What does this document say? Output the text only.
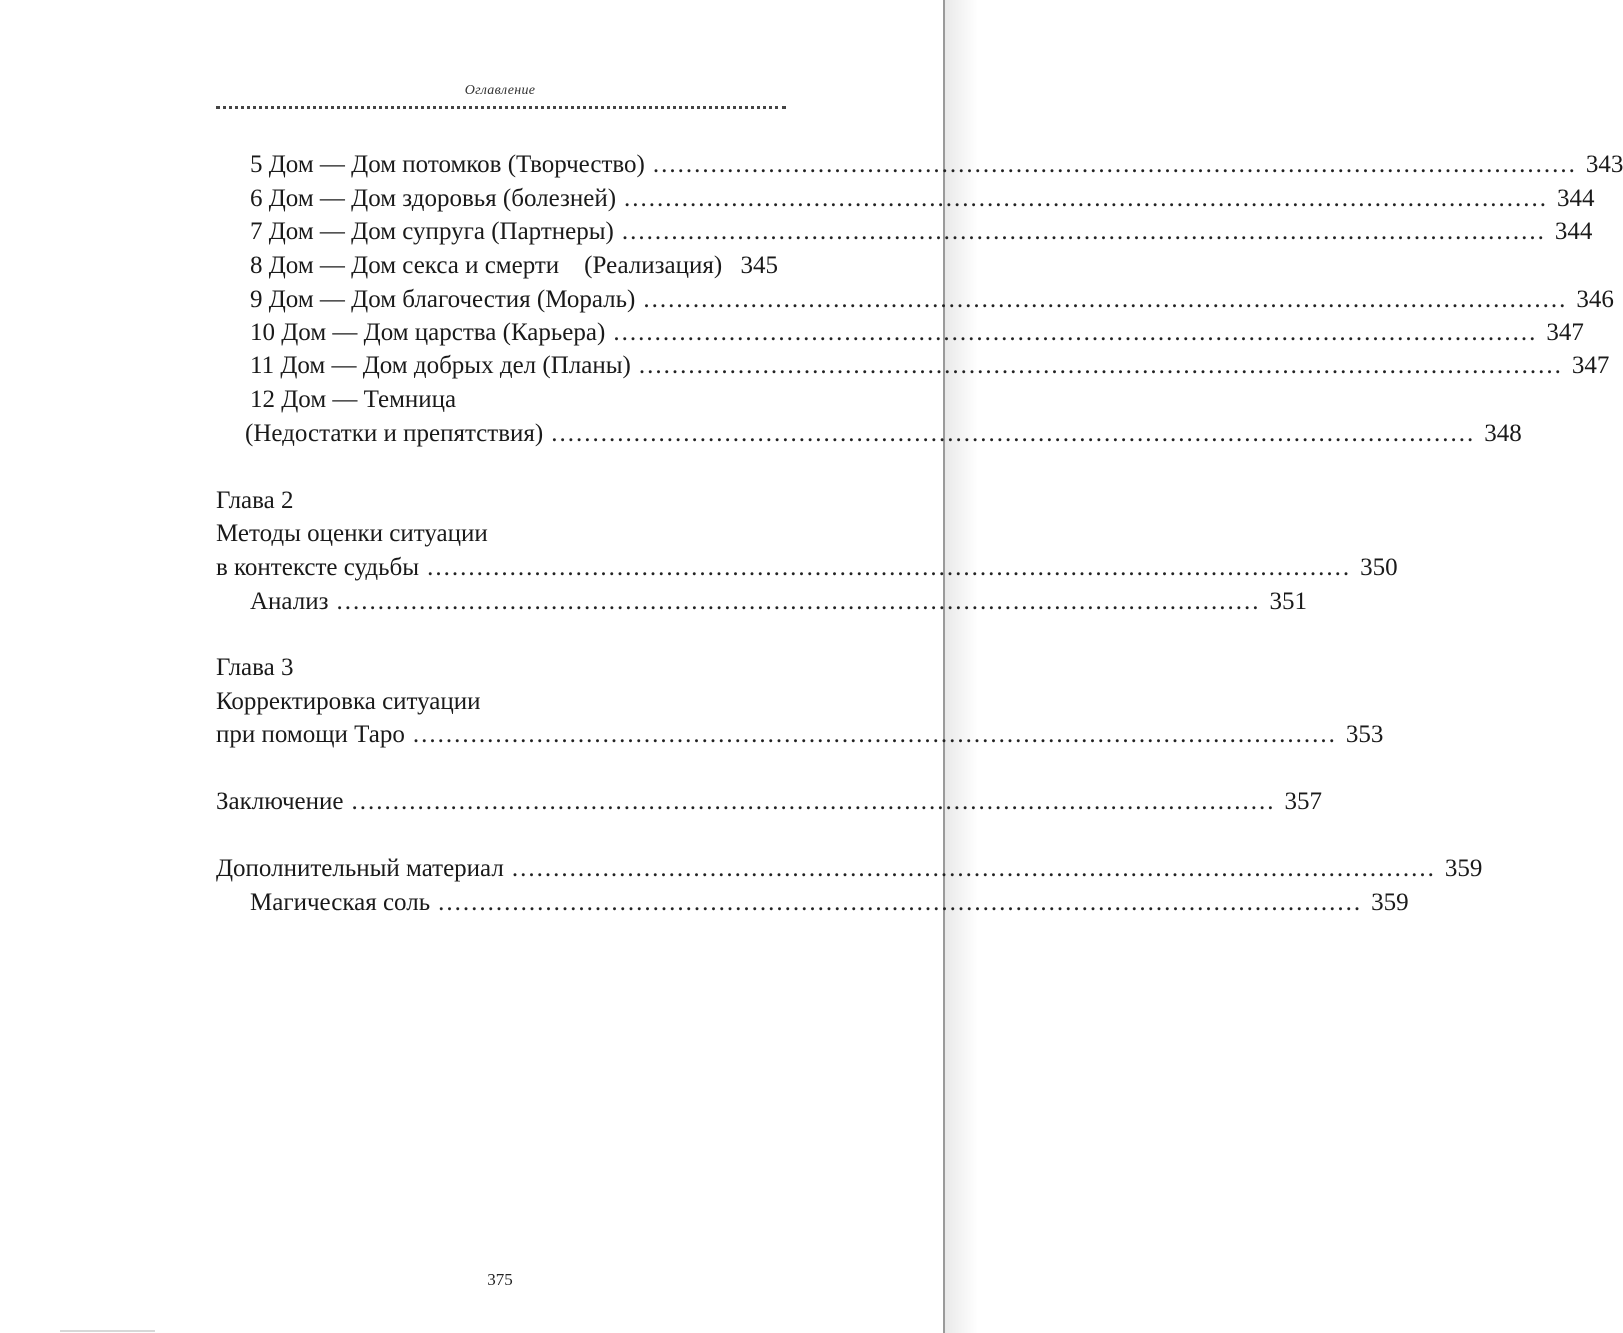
Оглавление
5 Дом — Дом потомков (Творчество) ................................................................................................................ 343
6 Дом — Дом здоровья (болезней) ................................................................................................................ 344
7 Дом — Дом супруга (Партнеры) ................................................................................................................ 344
8 Дом — Дом секса и смерти    (Реализация) 345
9 Дом — Дом благочестия (Мораль) ................................................................................................................ 346
10 Дом — Дом царства (Карьера) ................................................................................................................ 347
11 Дом — Дом добрых дел (Планы) ................................................................................................................ 347
12 Дом — Темница
(Недостатки и препятствия) ................................................................................................................ 348
Глава 2
Методы оценки ситуации
в контексте судьбы ................................................................................................................ 350
Анализ ................................................................................................................ 351
Глава 3
Корректировка ситуации
при помощи Таро ................................................................................................................ 353
Заключение ................................................................................................................ 357
Дополнительный материал ................................................................................................................ 359
Магическая соль ................................................................................................................ 359
375
